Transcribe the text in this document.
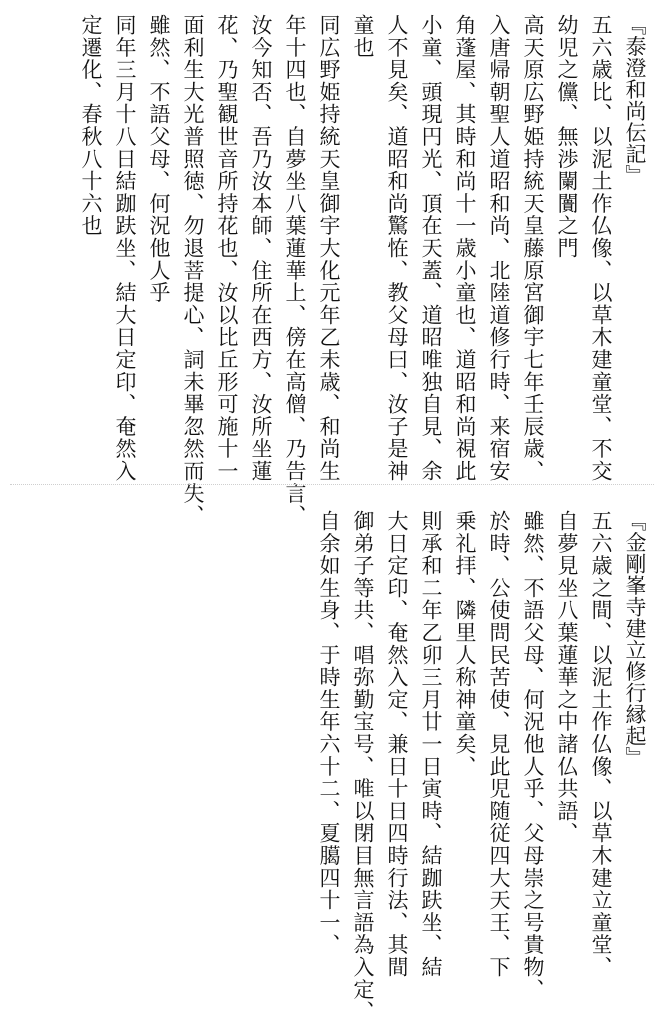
『泰澄和尚伝記』
五六歳比、以泥土作仏像、以草木建童堂、不交
幼児之儻、無渉闌闠之門
高天原広野姫持統天皇藤原宮御宇七年壬辰歳、
入唐帰朝聖人道昭和尚、北陸道修行時、来宿安
角蓬屋、其時和尚十一歳小童也、道昭和尚視此
小童、頭現円光、頂在天蓋、道昭唯独自見、余
人不見矣、道昭和尚驚恠、教父母曰、汝子是神
童也
同広野姫持統天皇御宇大化元年乙未歳、和尚生
年十四也、自夢坐八葉蓮華上、傍在高僧、乃告言、
汝今知否、吾乃汝本師、住所在西方、汝所坐蓮
花、乃聖観世音所持花也、汝以比丘形可施十一
面利生大光普照徳、勿退菩提心、詞未畢忽然而失、
雖然、不語父母、何況他人乎
同年三月十八日結跏趺坐、結大日定印、奄然入
定遷化、春秋八十六也
『金剛峯寺建立修行縁起』
五六歳之間、以泥土作仏像、以草木建立童堂、
自夢見坐八葉蓮華之中諸仏共語、
雖然、不語父母、何況他人乎、父母崇之号貴物、
於時、公使問民苦使、見此児随従四大天王、下
乗礼拝、隣里人称神童矣、
則承和二年乙卯三月廿一日寅時、結跏趺坐、結
大日定印、奄然入定、兼日十日四時行法、其間
御弟子等共、唱弥勤宝号、唯以閉目無言語為入定、
自余如生身、于時生年六十二、夏臈四十一、
